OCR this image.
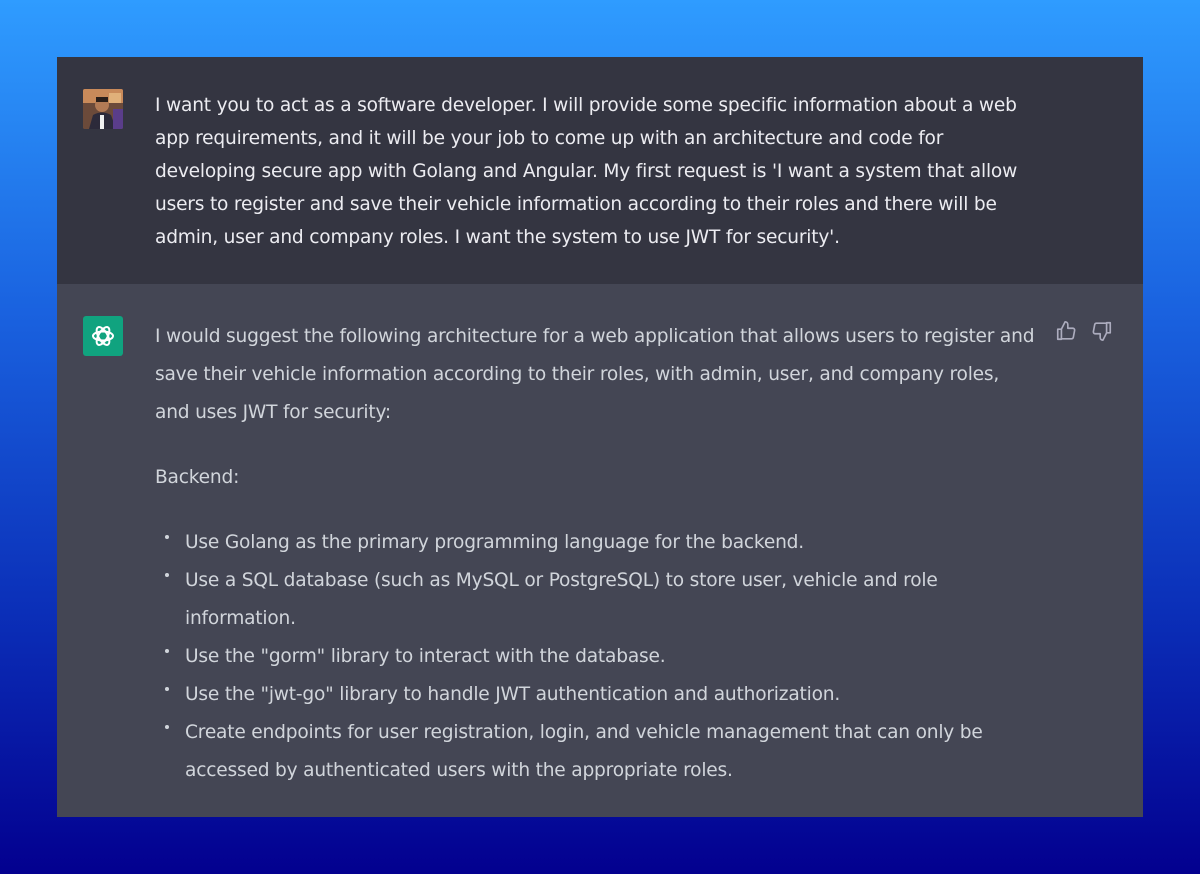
I want you to act as a software developer. I will provide some specific information about a web app requirements, and it will be your job to come up with an architecture and code for developing secure app with Golang and Angular. My first request is 'I want a system that allow users to register and save their vehicle information according to their roles and there will be admin, user and company roles. I want the system to use JWT for security'.

I would suggest the following architecture for a web application that allows users to register and save their vehicle information according to their roles, with admin, user, and company roles, and uses JWT for security:

Backend:

Use Golang as the primary programming language for the backend.
Use a SQL database (such as MySQL or PostgreSQL) to store user, vehicle and role information.
Use the "gorm" library to interact with the database.
Use the "jwt-go" library to handle JWT authentication and authorization.
Create endpoints for user registration, login, and vehicle management that can only be accessed by authenticated users with the appropriate roles.
